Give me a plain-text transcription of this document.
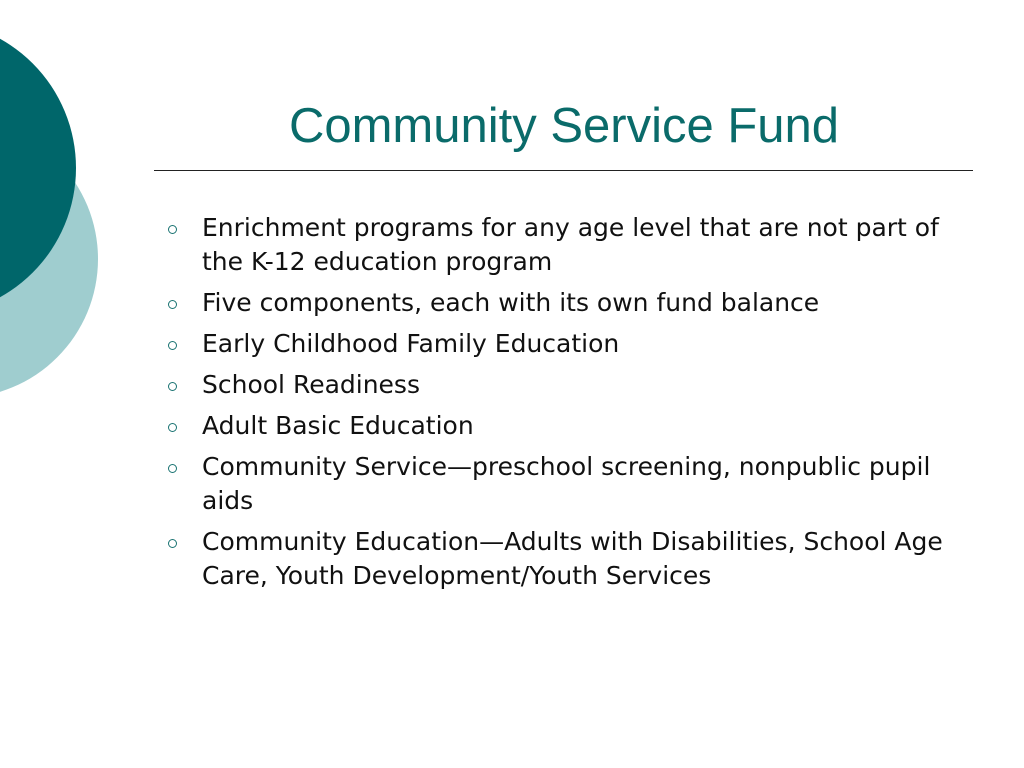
Community Service Fund
Enrichment programs for any age level that are not part of the K-12 education program
Five components, each with its own fund balance
Early Childhood Family Education
School Readiness
Adult Basic Education
Community Service—preschool screening, nonpublic pupil aids
Community Education—Adults with Disabilities, School Age Care, Youth Development/Youth Services
